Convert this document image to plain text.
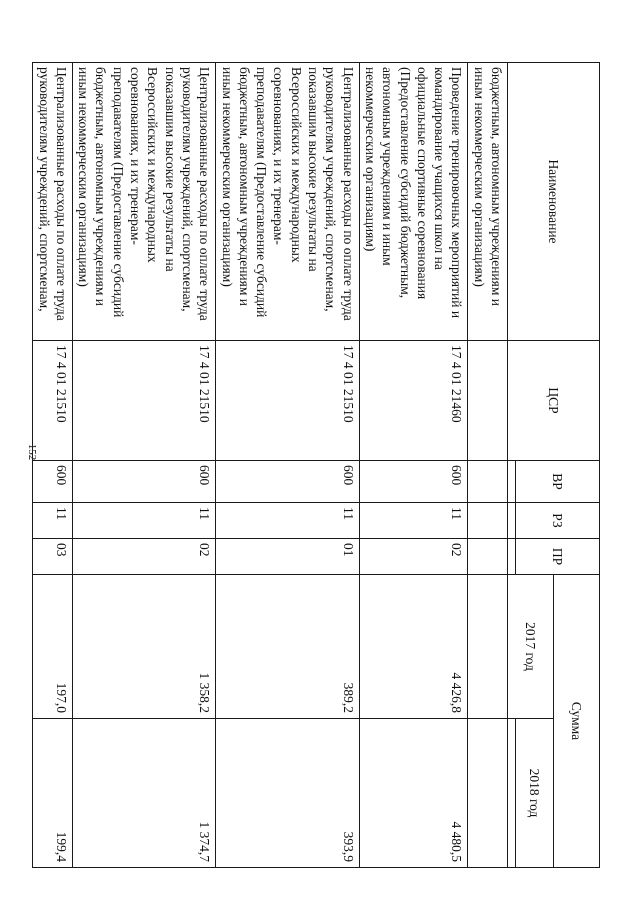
152
Наименование	ЦСР	ВР	РЗ	ПР	Сумма	
					2017 год	2018 год

бюджетным, автономным учреждениям и иным некоммерческим организациям)						
Проведение тренировочных мероприятий и командирование учащихся школ на официальные спортивные соревнования (Предоставление субсидий бюджетным, автономным учреждениям и иным некоммерческим организациям)	17 4 01 21460	600	11	02	4 426,8	4 480,5
Централизованные расходы по оплате труда руководителям учреждений, спортсменам, показавшим высокие результаты на Всероссийских и международных соревнованиях, и их тренерам-преподавателям (Предоставление субсидий бюджетным, автономным учреждениям и иным некоммерческим организациям)	17 4 01 21510	600	11	01	389,2	393,9
Централизованные расходы по оплате труда руководителям учреждений, спортсменам, показавшим высокие результаты на Всероссийских и международных соревнованиях, и их тренерам-преподавателям (Предоставление субсидий бюджетным, автономным учреждениям и иным некоммерческим организациям)	17 4 01 21510	600	11	02	1 358,2	1 374,7
Централизованные расходы по оплате труда руководителям учреждений, спортсменам,	17 4 01 21510	600	11	03	197,0	199,4
